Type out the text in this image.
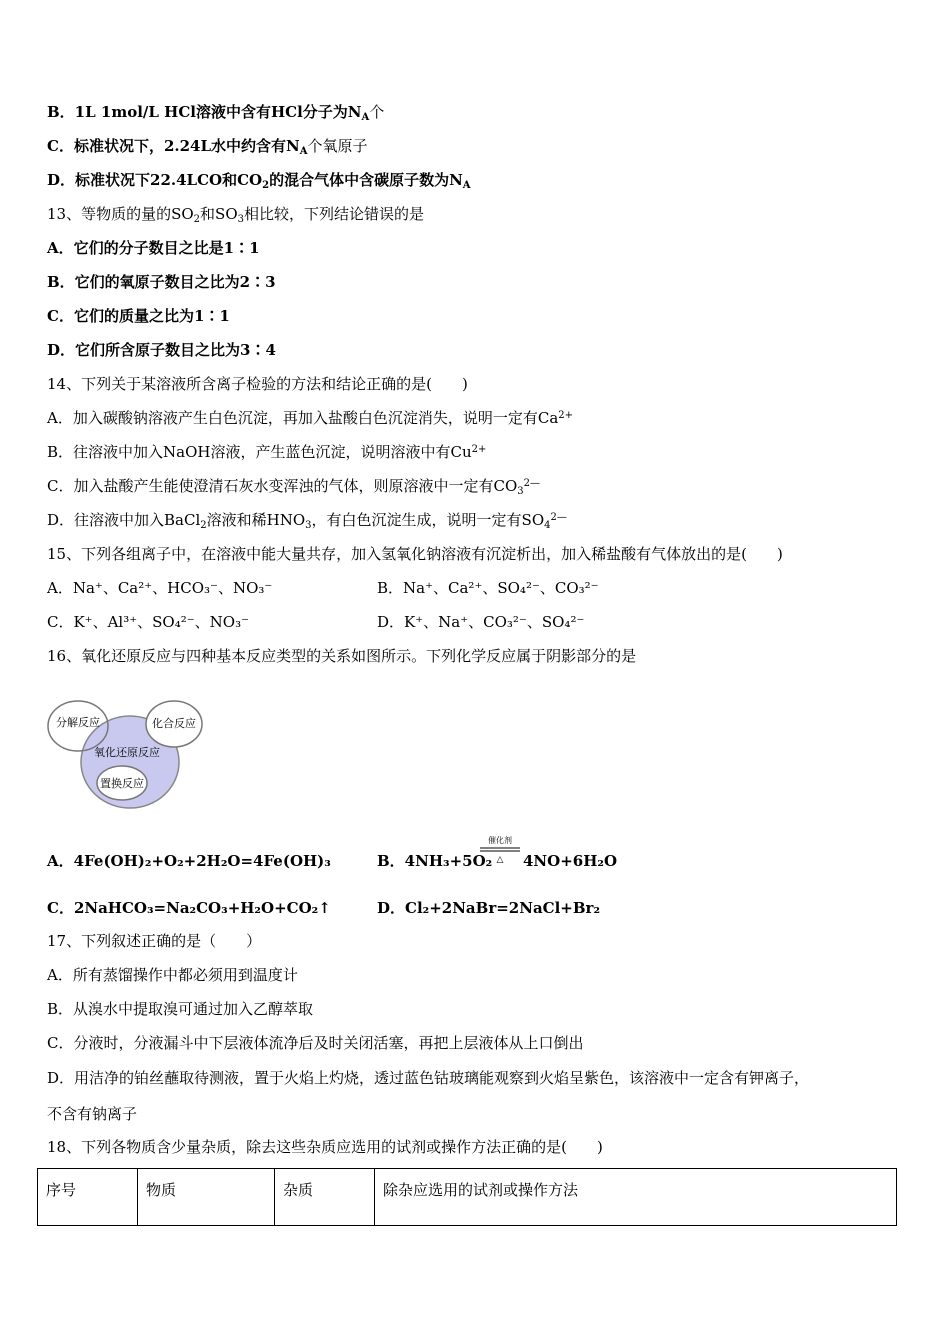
B．1L 1mol/L HCl溶液中含有HCl分子为$N_A$个
C．标准状况下，2.24L水中约含有$N_A$个氧原子
D．标准状况下22.4LCO和$CO_2$的混合气体中含碳原子数为$N_A$
13、等物质的量的$SO_2$和$SO_3$相比较，下列结论错误的是
A．它们的分子数目之比是1∶1
B．它们的氧原子数目之比为2∶3
C．它们的质量之比为1∶1
D．它们所含原子数目之比为3∶4
14、下列关于某溶液所含离子检验的方法和结论正确的是(　　)
A．加入碳酸钠溶液产生白色沉淀，再加入盐酸白色沉淀消失，说明一定有$Ca^{2+}$
B．往溶液中加入NaOH溶液，产生蓝色沉淀，说明溶液中有$Cu^{2+}$
C．加入盐酸产生能使澄清石灰水变浑浊的气体，则原溶液中一定有$CO_3^{2—}$
D．往溶液中加入BaCl$_2$溶液和稀$HNO_3$，有白色沉淀生成，说明一定有$SO_4^{2—}$
15、下列各组离子中，在溶液中能大量共存，加入氢氧化钠溶液有沉淀析出，加入稀盐酸有气体放出的是(　　)
A．Na⁺、Ca²⁺、HCO₃⁻、NO₃⁻	B．Na⁺、Ca²⁺、SO₄²⁻、CO₃²⁻
C．K⁺、Al³⁺、SO₄²⁻、NO₃⁻	D．K⁺、Na⁺、CO₃²⁻、SO₄²⁻
16、氧化还原反应与四种基本反应类型的关系如图所示。下列化学反应属于阴影部分的是
分解反应	化合反应
氧化还原反应
置换反应
A．4Fe(OH)₂+O₂+2H₂O=4Fe(OH)₃	B．4NH₃+5O₂
催化剂
△ 4NO+6H₂O
C．2NaHCO₃=Na₂CO₃+H₂O+CO₂↑	D．Cl₂+2NaBr=2NaCl+Br₂
17、下列叙述正确的是（　　）
A．所有蒸馏操作中都必须用到温度计
B．从溴水中提取溴可通过加入乙醇萃取
C．分液时，分液漏斗中下层液体流净后及时关闭活塞，再把上层液体从上口倒出
D．用洁净的铂丝蘸取待测液，置于火焰上灼烧，透过蓝色钴玻璃能观察到火焰呈紫色，该溶液中一定含有钾离子，
不含有钠离子
18、下列各物质含少量杂质，除去这些杂质应选用的试剂或操作方法正确的是(　　)
序号	物质	杂质	除杂应选用的试剂或操作方法
